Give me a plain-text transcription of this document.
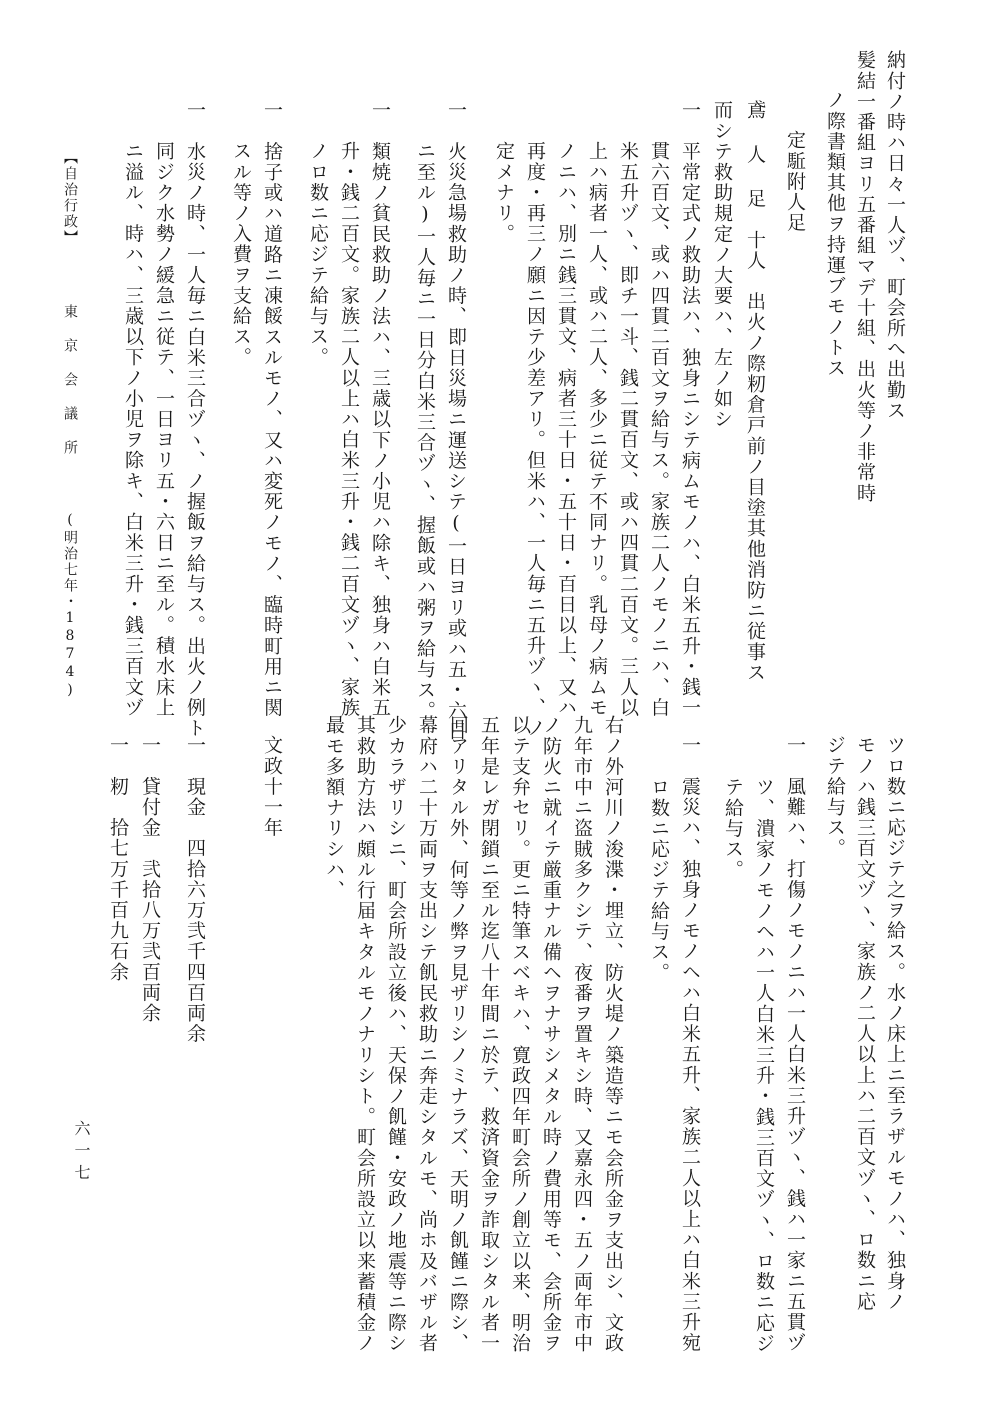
納付ノ時ハ日々一人ヅ、町会所へ出勤ス
髪結一番組ヨリ五番組マデ十組、出火等ノ非常時
ノ際書類其他ヲ持運ブモノトス
定駈附人足
鳶 人 足　十人　出火ノ際籾倉戸前ノ目塗其他消防ニ従事ス
而シテ救助規定ノ大要ハ、左ノ如シ
一　平常定式ノ救助法ハ、独身ニシテ病ムモノハ、白米五升・銭一
貫六百文、或ハ四貫二百文ヲ給与ス。家族二人ノモノニハ、白
米五升ヅヽ、即チ一斗、銭二貫百文、或ハ四貫二百文。三人以
上ハ病者一人、或ハ二人、多少ニ従テ不同ナリ。乳母ノ病ムモ
ノニハ、別ニ銭三貫文、病者三十日・五十日・百日以上、又ハ
再度・再三ノ願ニ因テ少差アリ。但米ハ、一人毎ニ五升ヅヽ、ノ
定メナリ。
一　火災急場救助ノ時、即日災場ニ運送シテ(一日ヨリ或ハ五・六日
ニ至ル)一人毎ニ一日分白米三合ヅヽ、握飯或ハ粥ヲ給与ス。
一　類焼ノ貧民救助ノ法ハ、三歳以下ノ小児ハ除キ、独身ハ白米五
升・銭二百文。家族二人以上ハ白米三升・銭二百文ヅヽ、家族
ノロ数ニ応ジテ給与ス。
一　捨子或ハ道路ニ凍餒スルモノ、又ハ変死ノモノ、臨時町用ニ関
スル等ノ入費ヲ支給ス。
一　水災ノ時、一人毎ニ白米三合ヅヽ、ノ握飯ヲ給与ス。出火ノ例ト
同ジク水勢ノ緩急ニ従テ、一日ヨリ五・六日ニ至ル。積水床上
ニ溢ル、時ハ、三歳以下ノ小児ヲ除キ、白米三升・銭三百文ヅ
ツロ数ニ応ジテ之ヲ給ス。水ノ床上ニ至ラザルモノハ、独身ノ
モノハ銭三百文ヅヽ、家族ノ二人以上ハ二百文ヅヽ、ロ数ニ応
ジテ給与ス。
一　風難ハ、打傷ノモノニハ一人白米三升ヅヽ、銭ハ一家ニ五貫ヅ
ツ、潰家ノモノヘハ一人白米三升・銭三百文ヅヽ、ロ数ニ応ジ
テ給与ス。
一　震災ハ、独身ノモノヘハ白米五升、家族二人以上ハ白米三升宛
ロ数ニ応ジテ給与ス。
右ノ外河川ノ浚渫・埋立、防火堤ノ築造等ニモ会所金ヲ支出シ、文政
九年市中ニ盗賊多クシテ、夜番ヲ置キシ時、又嘉永四・五ノ両年市中
ノ防火ニ就イテ厳重ナル備ヘヲナサシメタル時ノ費用等モ、会所金ヲ
以テ支弁セリ。更ニ特筆スベキハ、寛政四年町会所ノ創立以来、明治
五年是レガ閉鎖ニ至ル迄八十年間ニ於テ、救済資金ヲ詐取シタル者一
回アリタル外、何等ノ弊ヲ見ザリシノミナラズ、天明ノ飢饉ニ際シ、
幕府ハ二十万両ヲ支出シテ飢民救助ニ奔走シタルモ、尚ホ及バザル者
少カラザリシニ、町会所設立後ハ、天保ノ飢饉・安政ノ地震等ニ際シ
其救助方法ハ頗ル行届キタルモノナリシト。町会所設立以来蓄積金ノ
最モ多額ナリシハ、
文政十一年
一　現金　四拾六万弐千四百両余
一　貸付金　弐拾八万弐百両余
一　籾　拾七万千百九石余
【自治行政】  東 京 会 議 所  (明治七年・1874)
六一七
